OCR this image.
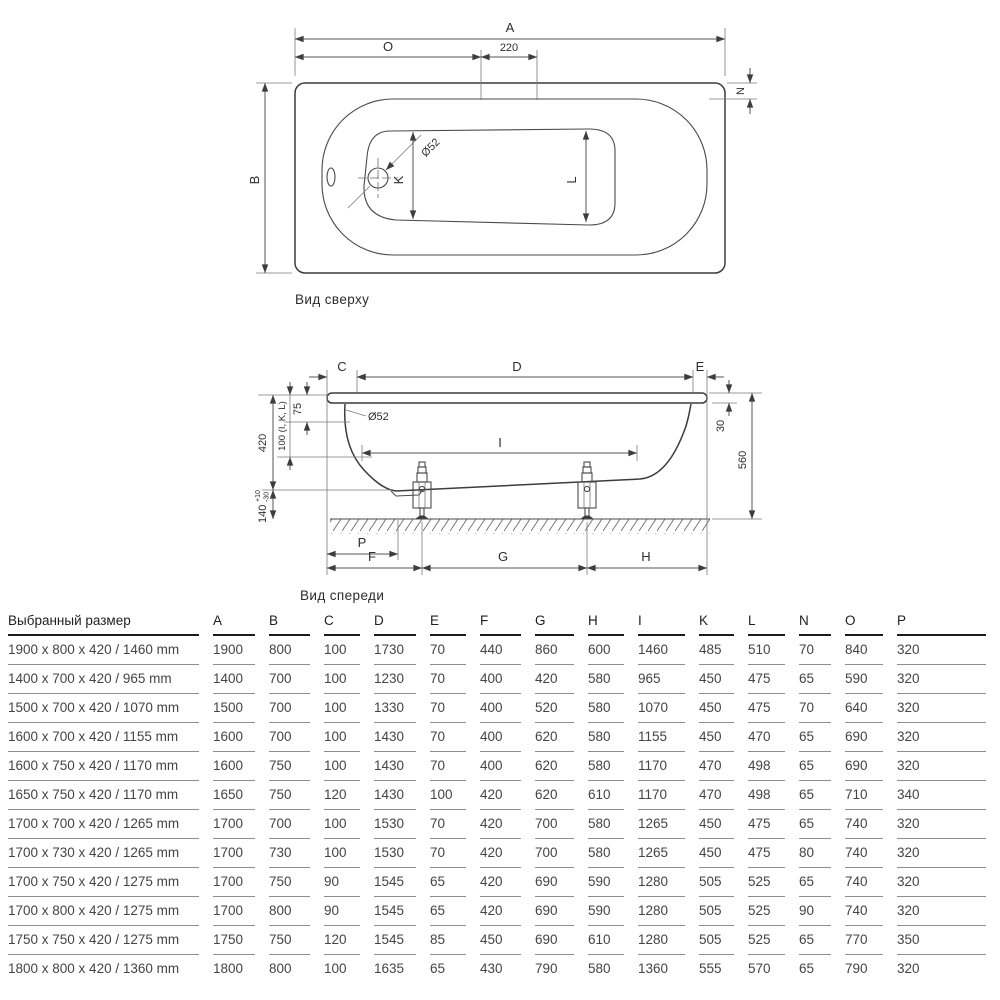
Ø52
A
O	220
N
B	K	L
Вид сверху
C	D	E
75
100 (I, K, L)
420
140
+10 -30
Ø52
I
30
560
P
F	G	H
Вид спереди
Выбранный размер	A	B	C	D	E	F	G	H	I	K	L	N	O	P

1900 x 800 x 420 / 1460 mm	1900	800	100	1730	70	440	860	600	1460	485	510	70	840	320

1400 x 700 x 420 / 965 mm	1400	700	100	1230	70	400	420	580	965	450	475	65	590	320

1500 x 700 x 420 / 1070 mm	1500	700	100	1330	70	400	520	580	1070	450	475	70	640	320

1600 x 700 x 420 / 1155 mm	1600	700	100	1430	70	400	620	580	1155	450	470	65	690	320

1600 x 750 x 420 / 1170 mm	1600	750	100	1430	70	400	620	580	1170	470	498	65	690	320

1650 x 750 x 420 / 1170 mm	1650	750	120	1430	100	420	620	610	1170	470	498	65	710	340

1700 x 700 x 420 / 1265 mm	1700	700	100	1530	70	420	700	580	1265	450	475	65	740	320

1700 x 730 x 420 / 1265 mm	1700	730	100	1530	70	420	700	580	1265	450	475	80	740	320

1700 x 750 x 420 / 1275 mm	1700	750	90	1545	65	420	690	590	1280	505	525	65	740	320

1700 x 800 x 420 / 1275 mm	1700	800	90	1545	65	420	690	590	1280	505	525	90	740	320

1750 x 750 x 420 / 1275 mm	1750	750	120	1545	85	450	690	610	1280	505	525	65	770	350

1800 x 800 x 420 / 1360 mm	1800	800	100	1635	65	430	790	580	1360	555	570	65	790	320
